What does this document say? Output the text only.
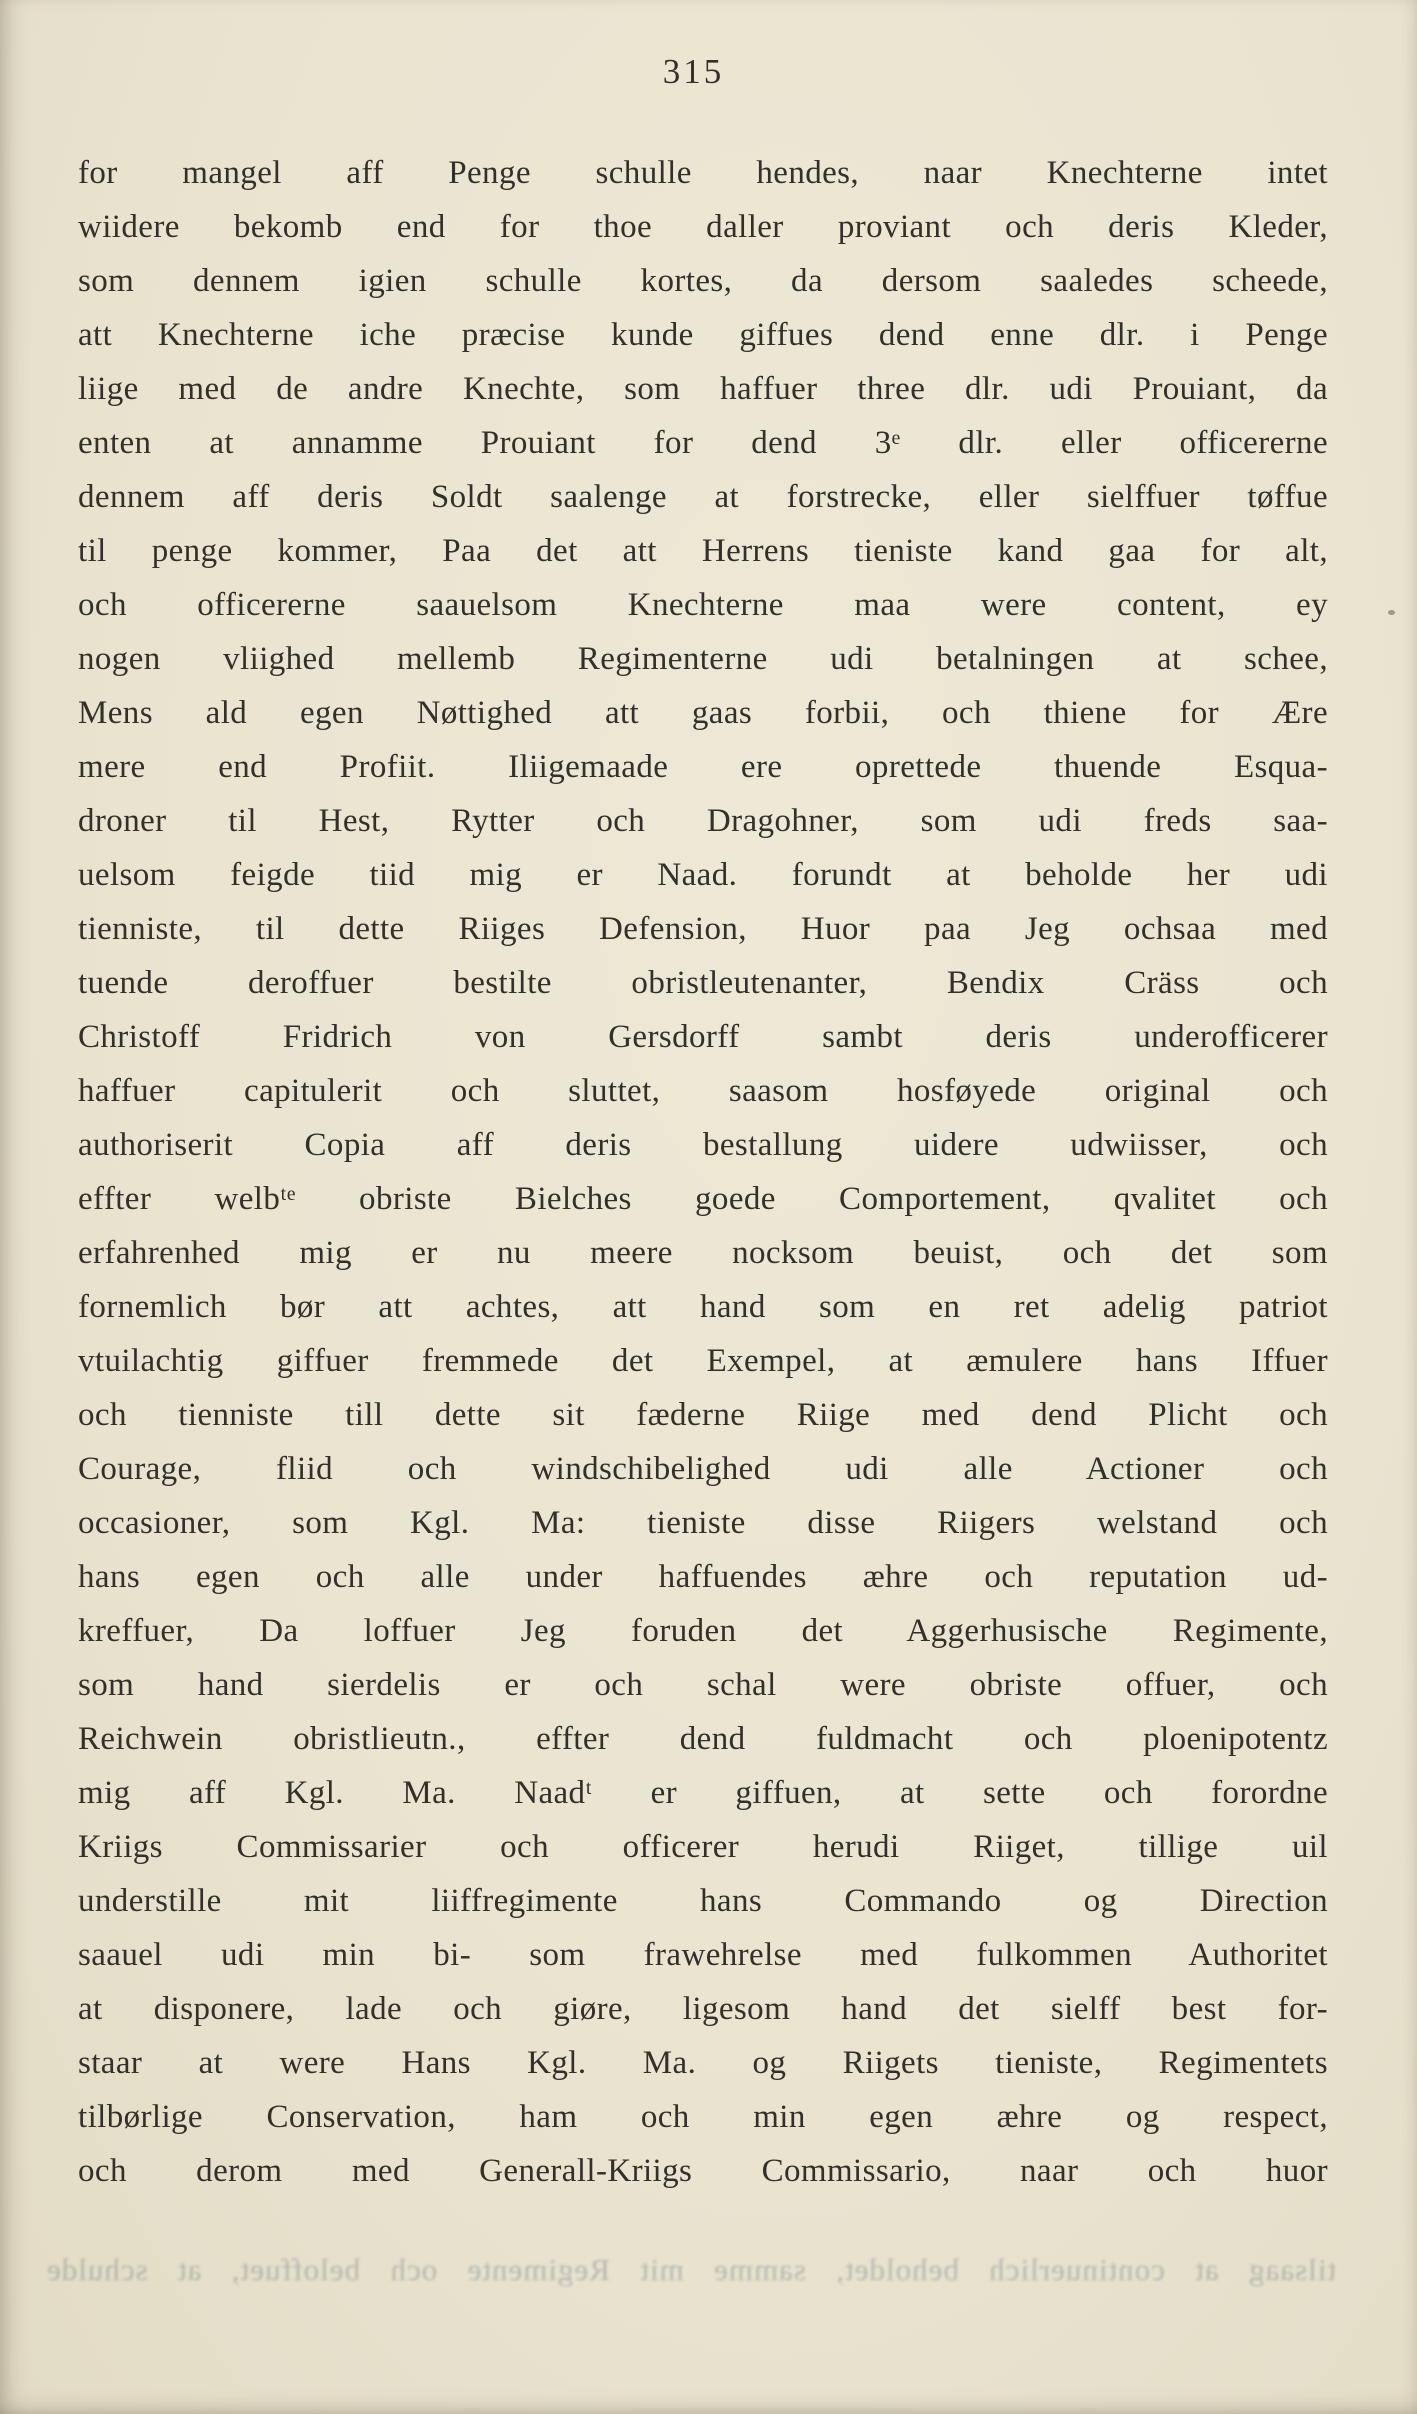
315
for mangel aff Penge schulle hendes, naar Knechterne intet
wiidere bekomb end for thoe daller proviant och deris Kleder,
som dennem igien schulle kortes, da dersom saaledes scheede,
att Knechterne iche præcise kunde giffues dend enne dlr. i Penge
liige med de andre Knechte, som haffuer three dlr. udi Prouiant, da
enten at annamme Prouiant for dend 3ᵉ dlr. eller officererne
dennem aff deris Soldt saalenge at forstrecke, eller sielffuer tøffue
til penge kommer, Paa det att Herrens tieniste kand gaa for alt,
och officererne saauelsom Knechterne maa were content, ey
nogen vliighed mellemb Regimenterne udi betalningen at schee,
Mens ald egen Nøttighed att gaas forbii, och thiene for Ære
mere end Profiit. Iliigemaade ere oprettede thuende Esqua-
droner til Hest, Rytter och Dragohner, som udi freds saa-
uelsom feigde tiid mig er Naad. forundt at beholde her udi
tienniste, til dette Riiges Defension, Huor paa Jeg ochsaa med
tuende deroffuer bestilte obristleutenanter, Bendix Cräss och
Christoff Fridrich von Gersdorff sambt deris underofficerer
haffuer capitulerit och sluttet, saasom hosføyede original och
authoriserit Copia aff deris bestallung uidere udwiisser, och
effter welbᵗᵉ obriste Bielches goede Comportement, qvalitet och
erfahrenhed mig er nu meere nocksom beuist, och det som
fornemlich bør att achtes, att hand som en ret adelig patriot
vtuilachtig giffuer fremmede det Exempel, at æmulere hans Iffuer
och tienniste till dette sit fæderne Riige med dend Plicht och
Courage, fliid och windschibelighed udi alle Actioner och
occasioner, som Kgl. Ma: tieniste disse Riigers welstand och
hans egen och alle under haffuendes æhre och reputation ud-
kreffuer, Da loffuer Jeg foruden det Aggerhusische Regimente,
som hand sierdelis er och schal were obriste offuer, och
Reichwein obristlieutn., effter dend fuldmacht och ploenipotentz
mig aff Kgl. Ma. Naadᵗ er giffuen, at sette och forordne
Kriigs Commissarier och officerer herudi Riiget, tillige uil
understille mit liiffregimente hans Commando og Direction
saauel udi min bi- som frawehrelse med fulkommen Authoritet
at disponere, lade och giøre, ligesom hand det sielff best for-
staar at were Hans Kgl. Ma. og Riigets tieniste, Regimentets
tilbørlige Conservation, ham och min egen æhre og respect,
och derom med Generall-Kriigs Commissario, naar och huor
tilsaag at continuerlich beholdet, samme mit Regimente och beloffuet, at schulde
